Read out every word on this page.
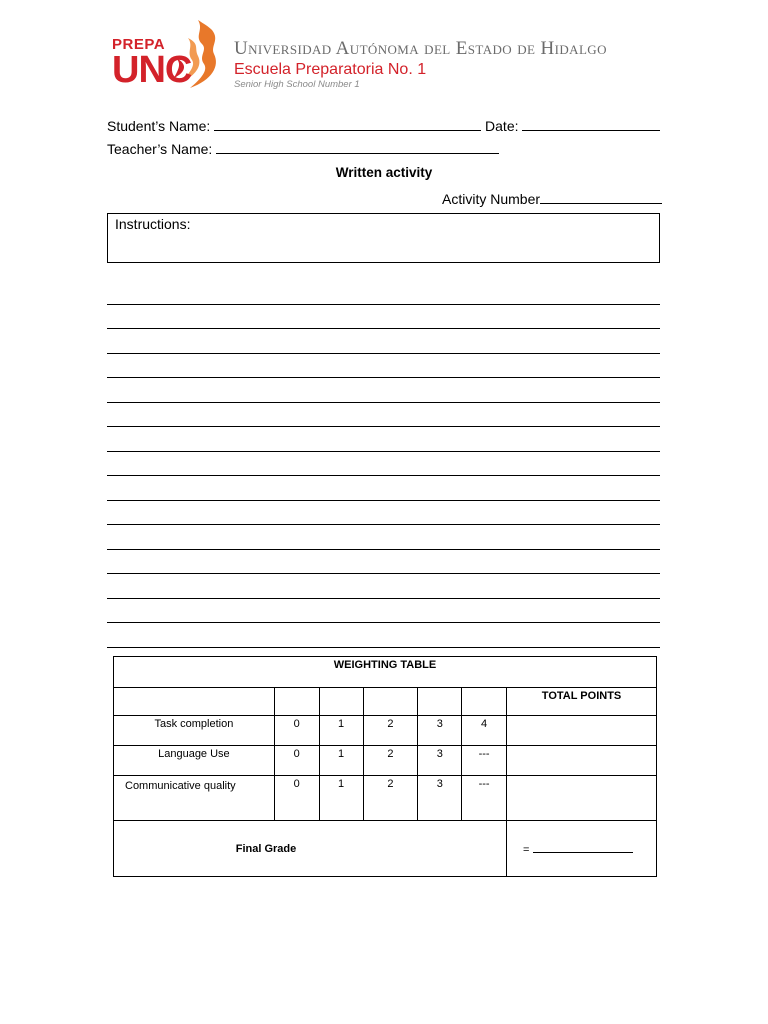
PREPA
UNC
Universidad Autónoma del Estado de Hidalgo
Escuela Preparatoria No. 1
Senior High School Number 1
Student’s Name:	Date:
Teacher’s Name:
Written activity
Activity Number
Instructions:
WEIGHTING TABLE						
						TOTAL POINTS
Task completion	0	1	2	3	4	
Language Use	0	1	2	3	---	
Communicative quality	0	1	2	3	---	
Final Grade						=
